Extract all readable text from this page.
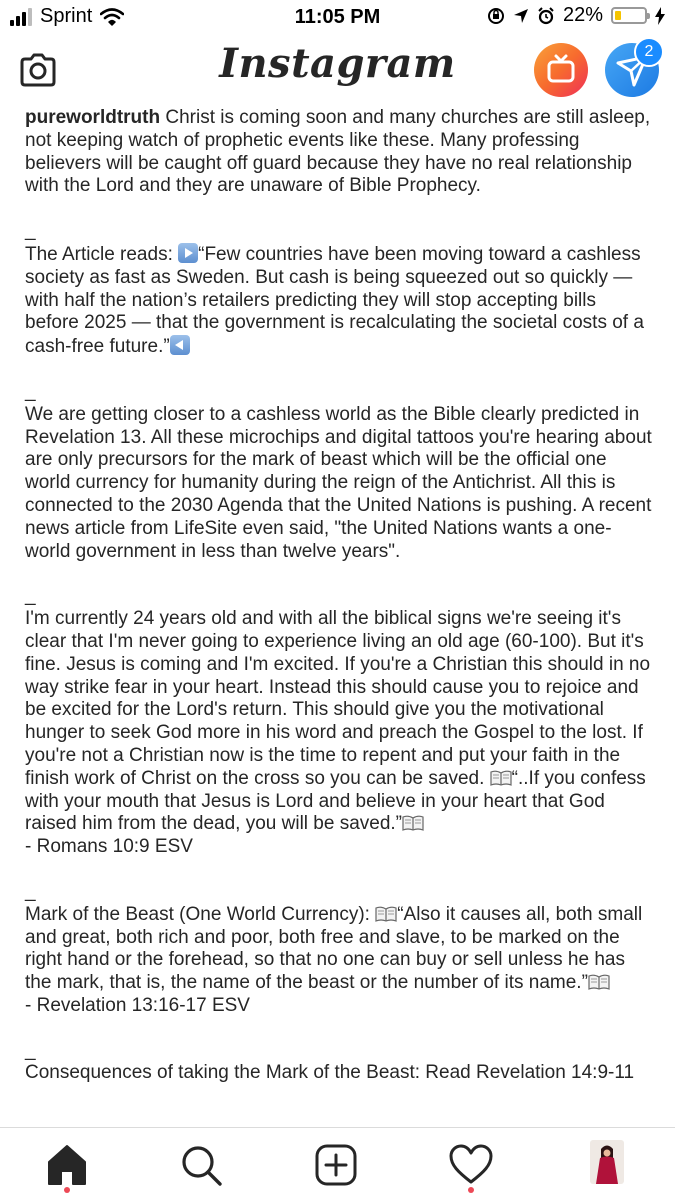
Sprint	11:05 PM	22%
Instagram	2

pureworldtruth Christ is coming soon and many churches are still asleep, not keeping watch of prophetic events like these. Many professing believers will be caught off guard because they have no real relationship with the Lord and they are unaware of Bible Prophecy.

_

The Article reads:
“Few countries have been moving toward a cashless society as fast as Sweden. But cash is being squeezed out so quickly — with half the nation’s retailers predicting they will stop accepting bills before 2025 — that the government is recalculating the societal costs of a cash-free future.”

_

We are getting closer to a cashless world as the Bible clearly predicted in Revelation 13. All these microchips and digital tattoos you're hearing about are only precursors for the mark of beast which will be the official one world currency for humanity during the reign of the Antichrist. All this is connected to the 2030 Agenda that the United Nations is pushing. A recent news article from LifeSite even said, "the United Nations wants a one-world government in less than twelve years".

_

I'm currently 24 years old and with all the biblical signs we're seeing it's clear that I'm never going to experience living an old age (60-100). But it's fine. Jesus is coming and I'm excited. If you're a Christian this should in no way strike fear in your heart. Instead this should cause you to rejoice and be excited for the Lord's return. This should give you the motivational hunger to seek God more in his word and preach the Gospel to the lost. If you're not a Christian now is the time to repent and put your faith in the finish work of Christ on the cross so you can be saved. “..If you confess with your mouth that Jesus is Lord and believe in your heart that God raised him from the dead, you will be saved.”

- Romans 10:9 ESV

_

Mark of the Beast (One World Currency): “Also it causes all, both small and great, both rich and poor, both free and slave, to be marked on the right hand or the forehead, so that no one can buy or sell unless he has the mark, that is, the name of the beast or the number of its name.”

- Revelation 13:16-17 ESV

_

Consequences of taking the Mark of the Beast: Read Revelation 14:9-11
